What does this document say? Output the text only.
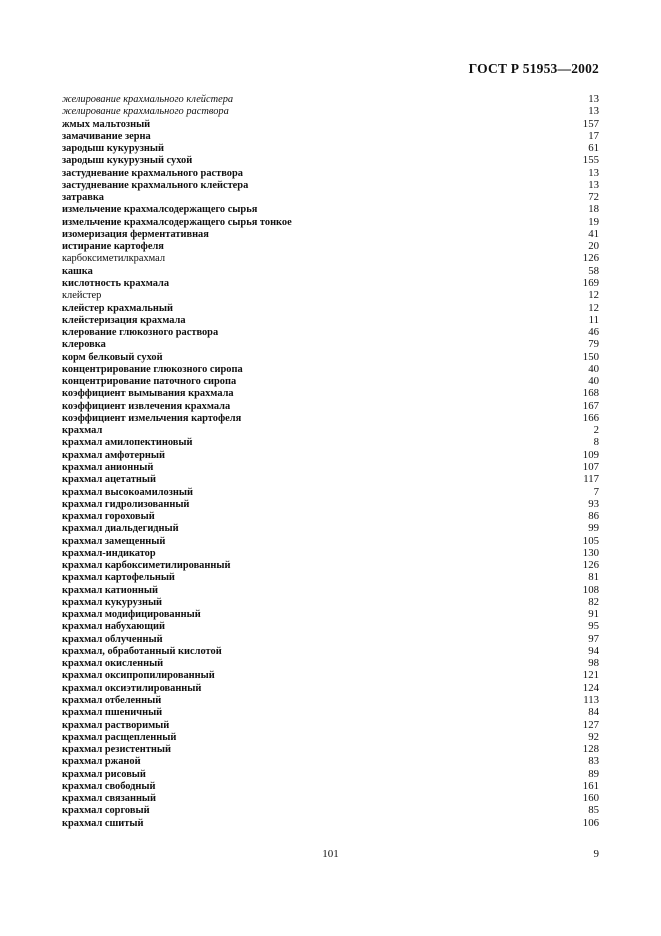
ГОСТ Р 51953—2002
желирование крахмального клейстера	13
желирование крахмального раствора	13
жмых мальтозный	157
замачивание зерна	17
зародыш кукурузный	61
зародыш кукурузный сухой	155
застудневание крахмального раствора	13
застудневание крахмального клейстера	13
затравка	72
измельчение крахмалсодержащего сырья	18
измельчение крахмалсодержащего сырья тонкое	19
изомеризация ферментативная	41
истирание картофеля	20
карбоксиметилкрахмал	126
кашка	58
кислотность крахмала	169
клейстер	12
клейстер крахмальный	12
клейстеризация крахмала	11
клерование глюкозного раствора	46
клеровка	79
корм белковый сухой	150
концентрирование глюкозного сиропа	40
концентрирование паточного сиропа	40
коэффициент вымывания крахмала	168
коэффициент извлечения крахмала	167
коэффициент измельчения картофеля	166
крахмал	2
крахмал амилопектиновый	8
крахмал амфотерный	109
крахмал анионный	107
крахмал ацетатный	117
крахмал высокоамилозный	7
крахмал гидролизованный	93
крахмал гороховый	86
крахмал диальдегидный	99
крахмал замещенный	105
крахмал-индикатор	130
крахмал карбоксиметилированный	126
крахмал картофельный	81
крахмал катионный	108
крахмал кукурузный	82
крахмал модифицированный	91
крахмал набухающий	95
крахмал облученный	97
крахмал, обработанный кислотой	94
крахмал окисленный	98
крахмал оксипропилированный	121
крахмал оксиэтилированный	124
крахмал отбеленный	113
крахмал пшеничный	84
крахмал растворимый	127
крахмал расщепленный	92
крахмал резистентный	128
крахмал ржаной	83
крахмал рисовый	89
крахмал свободный	161
крахмал связанный	160
крахмал сорговый	85
крахмал сшитый	106
101	9
